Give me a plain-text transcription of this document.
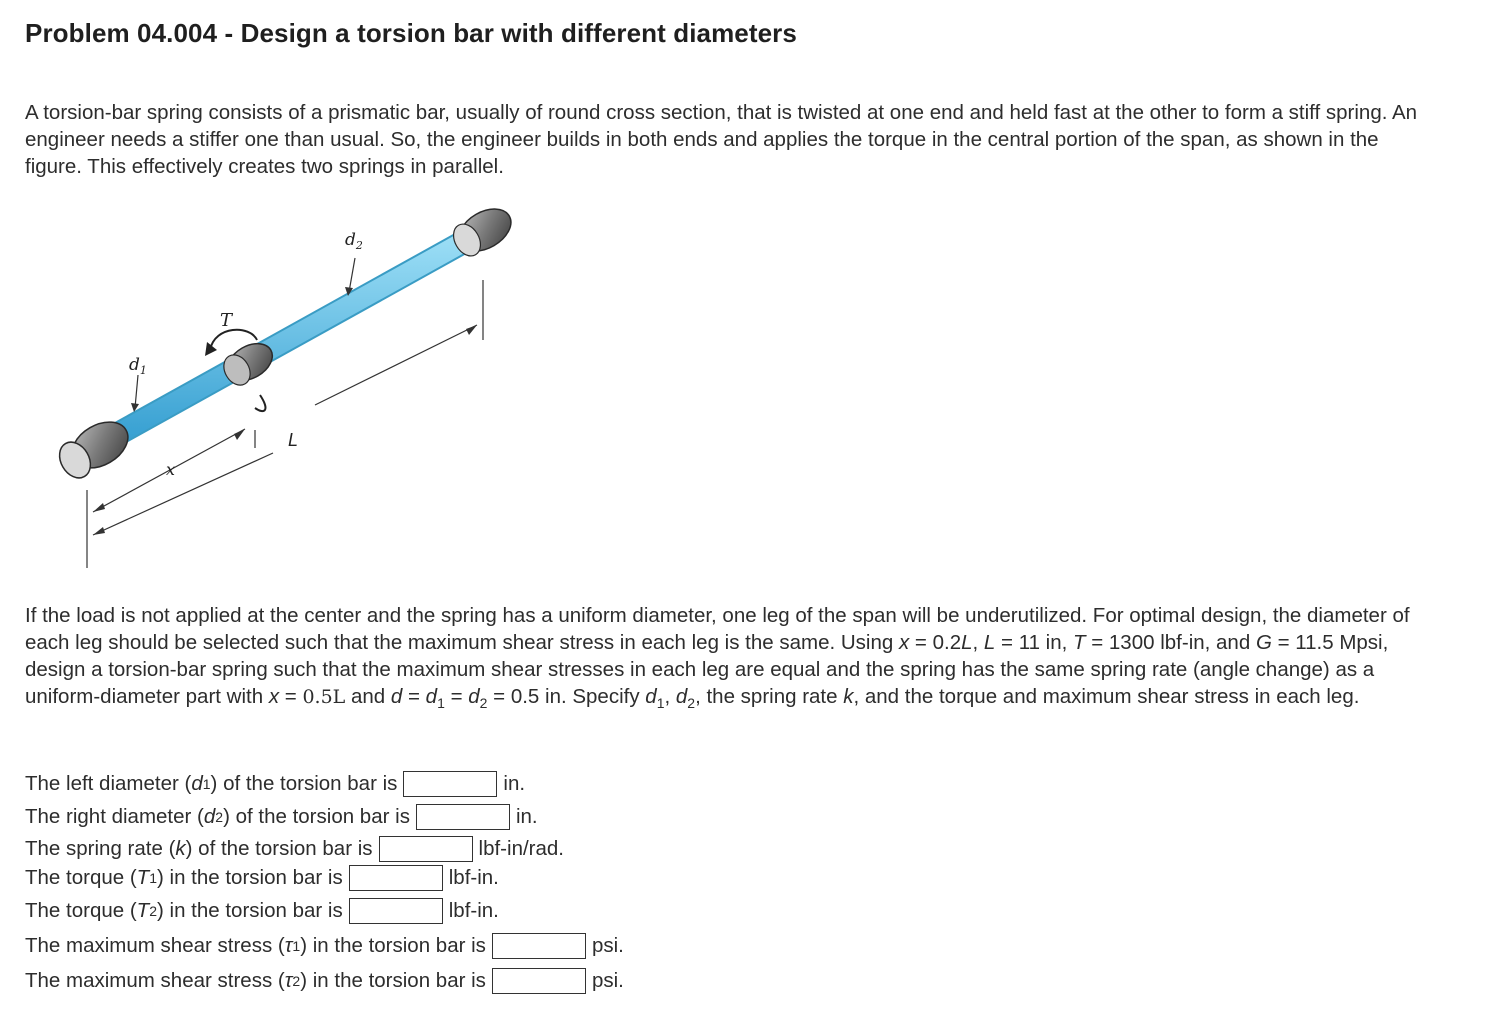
Problem 04.004 - Design a torsion bar with different diameters

A torsion-bar spring consists of a prismatic bar, usually of round cross section, that is twisted at one end and held fast at the other to form a stiff spring. An engineer needs a stiffer one than usual. So, the engineer builds in both ends and applies the torque in the central portion of the span, as shown in the figure. This effectively creates two springs in parallel.

$d_1$
$d_2$
T
L
x

If the load is not applied at the center and the spring has a uniform diameter, one leg of the span will be underutilized. For optimal design, the diameter of each leg should be selected such that the maximum shear stress in each leg is the same. Using x = 0.2L, L = 11 in, T = 1300 lbf-in, and G = 11.5 Mpsi, design a torsion-bar spring such that the maximum shear stresses in each leg are equal and the spring has the same spring rate (angle change) as a uniform-diameter part with x = 0.5L and $d = d_1 = d_2 = 0.5$ in. Specify $d_1$, $d_2$, the spring rate k, and the torque and maximum shear stress in each leg.

The left diameter ( d 1 ) of the torsion bar is	in.
The right diameter ( d 2 ) of the torsion bar is	in.
The spring rate ( k ) of the torsion bar is	lbf-in/rad.
The torque ( T 1 ) in the torsion bar is	lbf-in.
The torque ( T 2 ) in the torsion bar is	lbf-in.
The maximum shear stress ( τ 1 ) in the torsion bar is	psi.
The maximum shear stress ( τ 2 ) in the torsion bar is	psi.
